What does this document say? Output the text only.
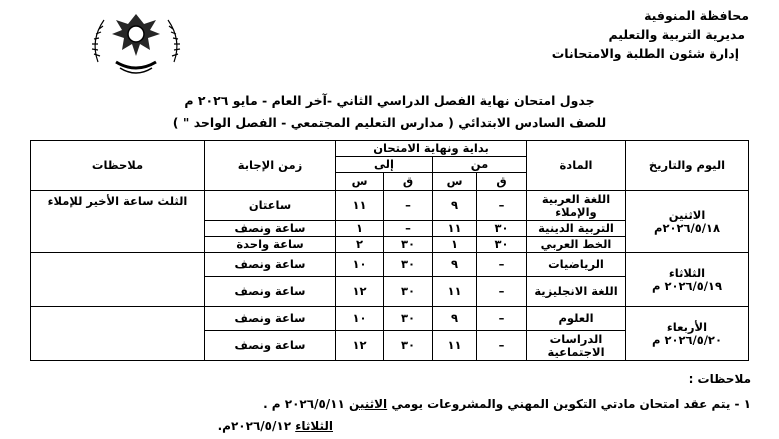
محافظة المنوفية
مديرية التربية والتعليم
إدارة شئون الطلبة والامتحانات
جدول امتحان نهاية الفصل الدراسي الثاني -آخر العام - مايو ٢٠٢٦ م
للصف السادس الابتدائي ( مدارس التعليم المجتمعي - الفصل الواحد " )
اليوم والتاريخ	المادة	بداية ونهاية الامتحان				زمن الإجابة	ملاحظات
		من		إلى			
		ق	س	ق	س		

الاثنين
٢٠٢٦/٥/١٨م	اللغة العربية والإملاء	–	٩	–	١١	ساعتان	الثلث ساعة الأخير للإملاء
	التربية الدينية	٣٠	١١	–	١	ساعة ونصف	
	الخط العربي	٣٠	١	٣٠	٢	ساعة واحدة	

الثلاثاء
٢٠٢٦/٥/١٩ م	الرياضيات	–	٩	٣٠	١٠	ساعة ونصف	
	اللغة الانجليزية	–	١١	٣٠	١٢	ساعة ونصف	

الأربعاء
٢٠٢٦/٥/٢٠ م	العلوم	–	٩	٣٠	١٠	ساعة ونصف	
	الدراسات الاجتماعية	–	١١	٣٠	١٢	ساعة ونصف	
ملاحظات :
١ - يتم عقد امتحان مادتي التكوين المهني والمشروعات يومي الاثنين ٢٠٢٦/٥/١١ م .
الثلاثاء ٢٠٢٦/٥/١٢م.
